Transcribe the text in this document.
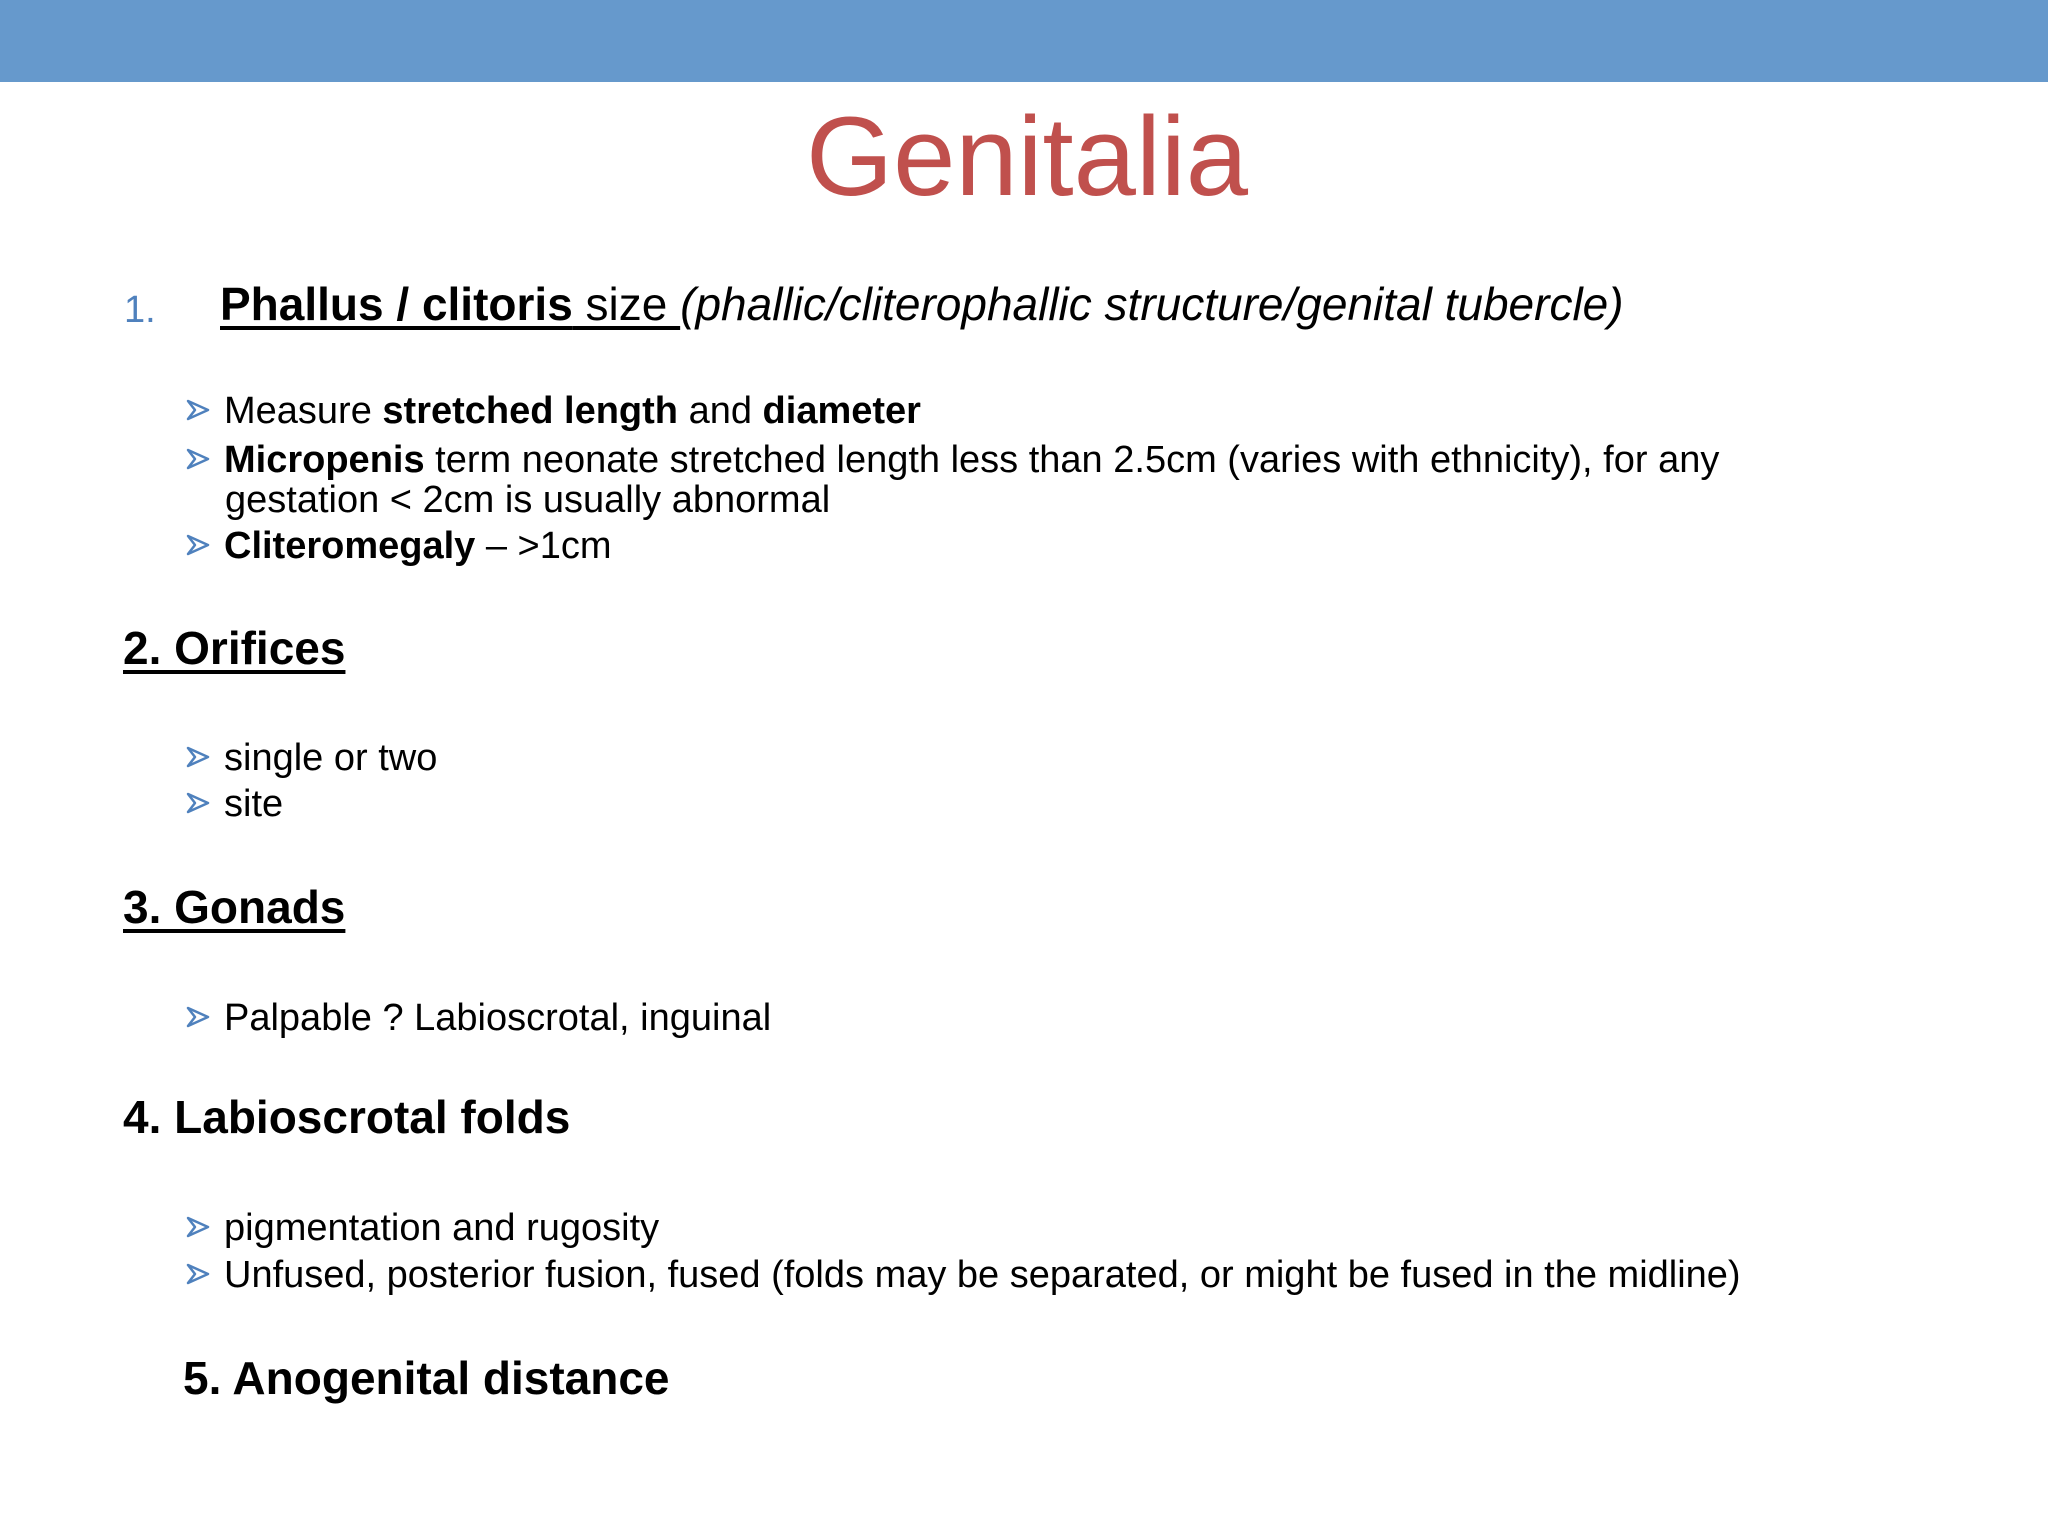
Genitalia
1. Phallus / clitoris size (phallic/cliterophallic structure/genital tubercle)
Measure stretched length and diameter
Micropenis term neonate stretched length less than 2.5cm (varies with ethnicity), for any
gestation < 2cm is usually abnormal
Cliteromegaly – >1cm
2. Orifices
single or two
site
3. Gonads
Palpable ? Labioscrotal, inguinal
4. Labioscrotal folds
pigmentation and rugosity
Unfused, posterior fusion, fused (folds may be separated, or might be fused in the midline)
5. Anogenital distance
